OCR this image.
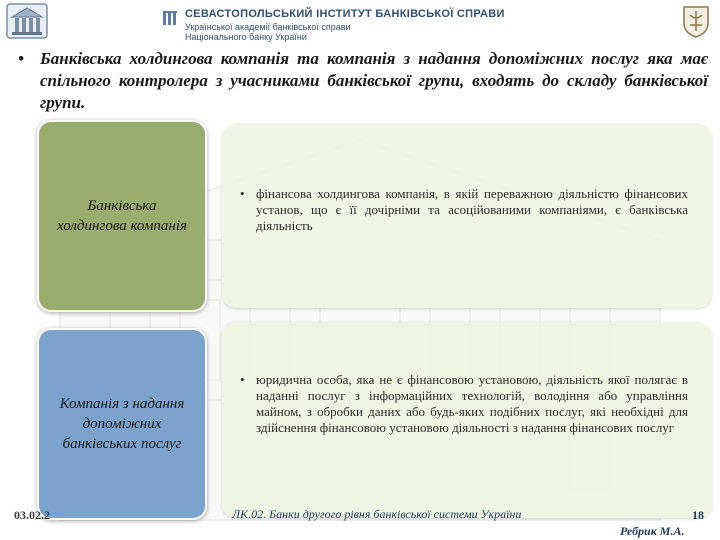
СЕВАСТОПОЛЬСЬКИЙ ІНСТИТУТ БАНКІВСЬКОЇ СПРАВИ
Української академії банківської справи
Національного банку України
• Банківська холдингова компанія та компанія з надання допоміжних послуг яка має спільного контролера з учасниками банківської групи, входять до складу банківської групи.
Банківська холдингова компанія
Компанія з надання допоміжних банківських послуг
• фінансова холдингова компанія, в якій переважною діяльністю фінансових установ, що є її дочірніми та асоційованими компаніями, є банківська діяльність
• юридична особа, яка не є фінансовою установою, діяльність якої полягає в наданні послуг з інформаційних технологій, володіння або управління майном, з обробки даних або будь-яких подібних послуг, які необхідні для здійснення фінансовою установою діяльності з надання фінансових послуг
03.02.2	ЛК.02. Банки другого рівня банківської системи України	18
Ребрик М.А.
